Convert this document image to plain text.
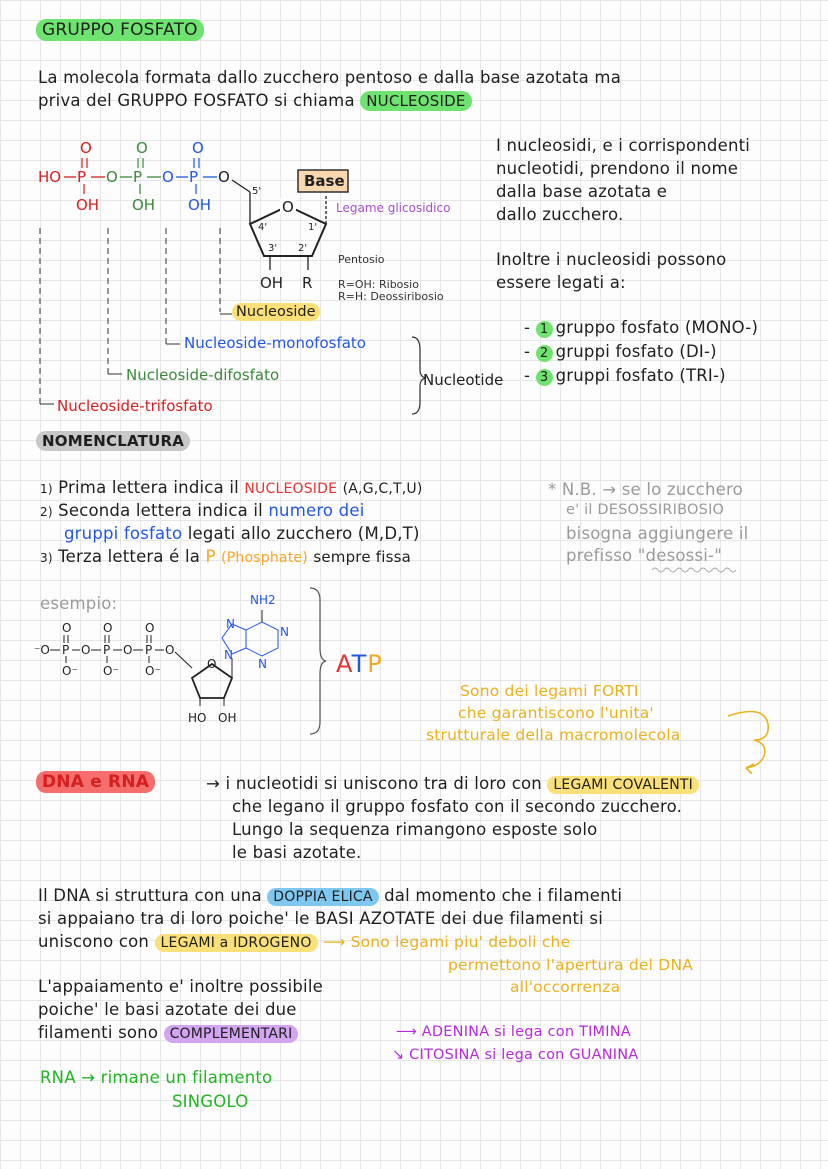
GRUPPO FOSFATO
La molecola formata dallo zucchero pentoso e dalla base azotata ma
priva del GRUPPO FOSFATO si chiama NUCLEOSIDE
HO P O P O P O
O	O	O
OH OH OH
5'
O
4'	1'
3' 2'
OH R
Base
Legame glicosidico
Pentosio
R=OH: Ribosio
R=H: Deossiribosio
Nucleoside
Nucleoside-monofosfato
Nucleoside-difosfato
Nucleoside-trifosfato
Nucleotide
I nucleosidi, e i corrispondenti
nucleotidi, prendono il nome
dalla base azotata e
dallo zucchero.
Inoltre i nucleosidi possono
essere legati a:
- 1 gruppo fosfato (MONO-)
- 2 gruppi fosfato (DI-)
- 3 gruppi fosfato (TRI-)
NOMENCLATURA
1) Prima lettera indica il NUCLEOSIDE (A,G,C,T,U)
2) Seconda lettera indica il numero dei
gruppi fosfato legati allo zucchero (M,D,T)
3) Terza lettera é la P (Phosphate) sempre fissa
* N.B. → se lo zucchero
e' il DESOSSIRIBOSIO
bisogna aggiungere il
prefisso "desossi-"
esempio:
⁻O P O P O P O
O	O	O
O⁻ O⁻ O⁻	O
HO OH
N
N
N
N
NH2
ATP
Sono dei legami FORTI
che garantiscono l'unita'
strutturale della macromolecola
DNA e RNA	→ i nucleotidi si uniscono tra di loro con LEGAMI COVALENTI
che legano il gruppo fosfato con il secondo zucchero.
Lungo la sequenza rimangono esposte solo
le basi azotate.
Il DNA si struttura con una DOPPIA ELICA dal momento che i filamenti
si appaiano tra di loro poiche' le BASI AZOTATE dei due filamenti si
uniscono con LEGAMI a IDROGENO ⟶ Sono legami piu' deboli che
permettono l'apertura del DNA
all'occorrenza
L'appaiamento e' inoltre possibile
poiche' le basi azotate dei due
filamenti sono COMPLEMENTARI	⟶ ADENINA si lega con TIMINA
↘ CITOSINA si lega con GUANINA
RNA → rimane un filamento
SINGOLO
